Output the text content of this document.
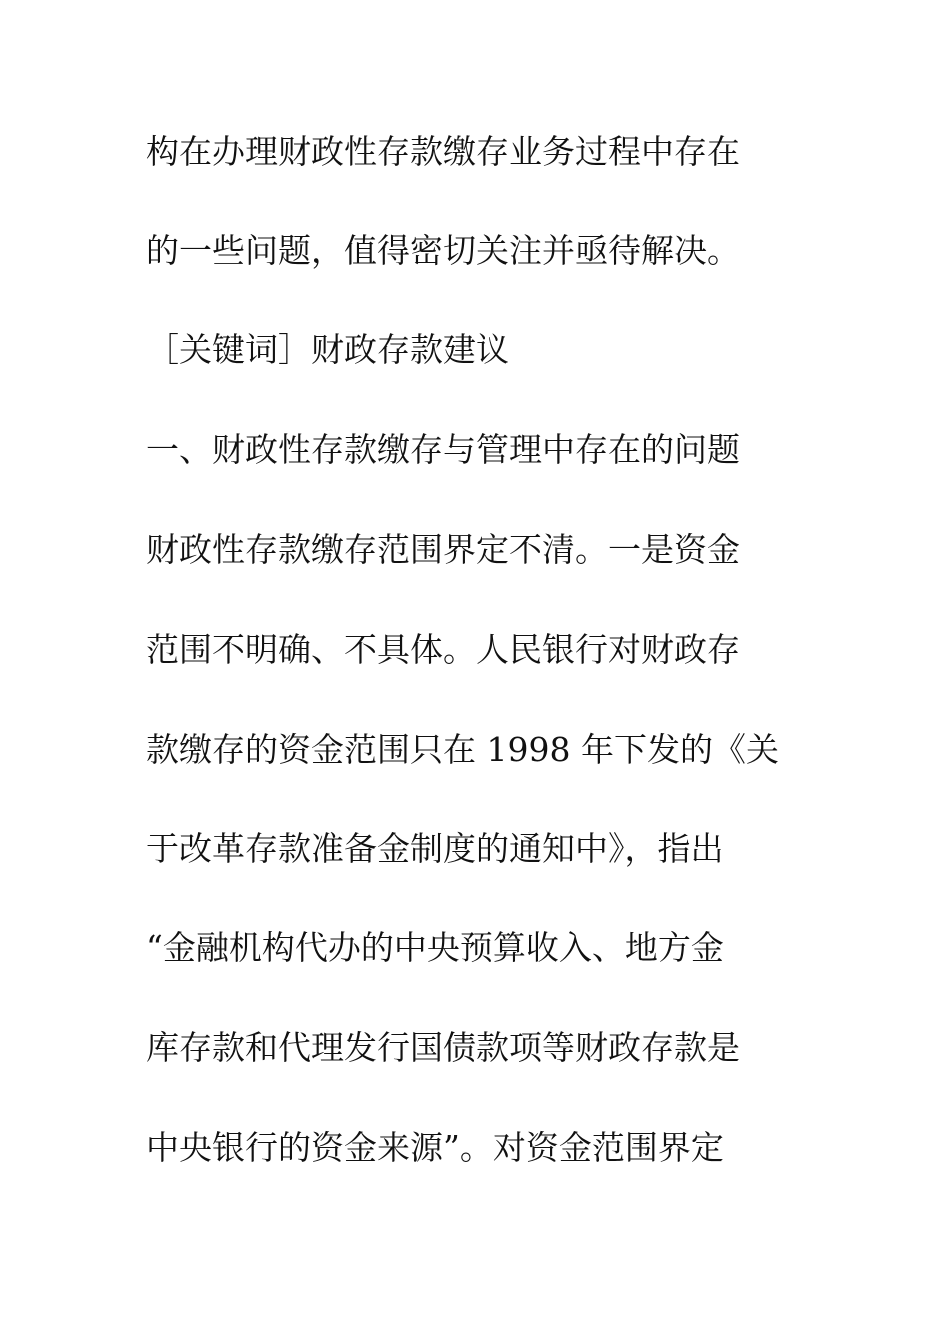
构在办理财政性存款缴存业务过程中存在

的一些问题，值得密切关注并亟待解决。

［关键词］财政存款建议

一、财政性存款缴存与管理中存在的问题

财政性存款缴存范围界定不清。一是资金

范围不明确、不具体。人民银行对财政存

款缴存的资金范围只在 1998 年下发的《关

于改革存款准备金制度的通知中》，指出

“金融机构代办的中央预算收入、地方金

库存款和代理发行国债款项等财政存款是

中央银行的资金来源”。对资金范围界定
